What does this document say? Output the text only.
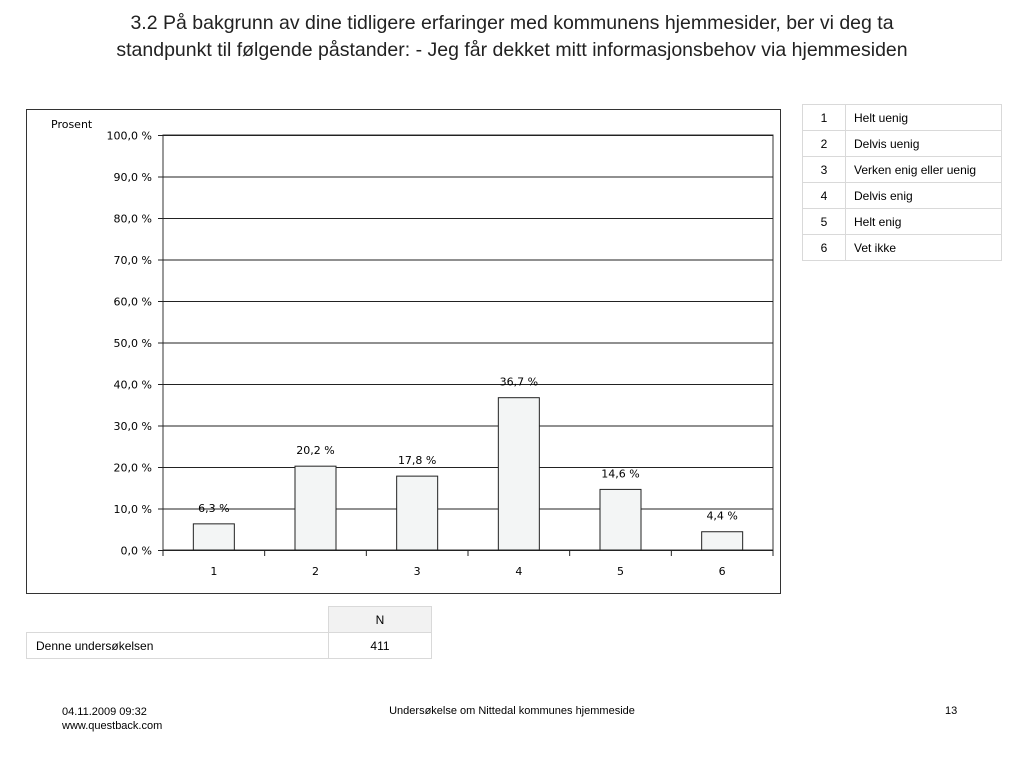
3.2 På bakgrunn av dine tidligere erfaringer med kommunens hjemmesider, ber vi deg ta
standpunkt til følgende påstander: - Jeg får dekket mitt informasjonsbehov via hjemmesiden
0,0 %
10,0 %
20,0 %
30,0 %
40,0 %
50,0 %
60,0 %
70,0 %
80,0 %
90,0 %
100,0 %
Prosent
6,3 %
1
20,2 %
2
17,8 %
3
36,7 %
4
14,6 %
5
4,4 %
6
1	Helt uenig
2	Delvis uenig
3	Verken enig eller uenig
4	Delvis enig
5	Helt enig
6	Vet ikke
	N
Denne undersøkelsen	411
04.11.2009 09:32
www.questback.com
Undersøkelse om Nittedal kommunes hjemmeside	13
